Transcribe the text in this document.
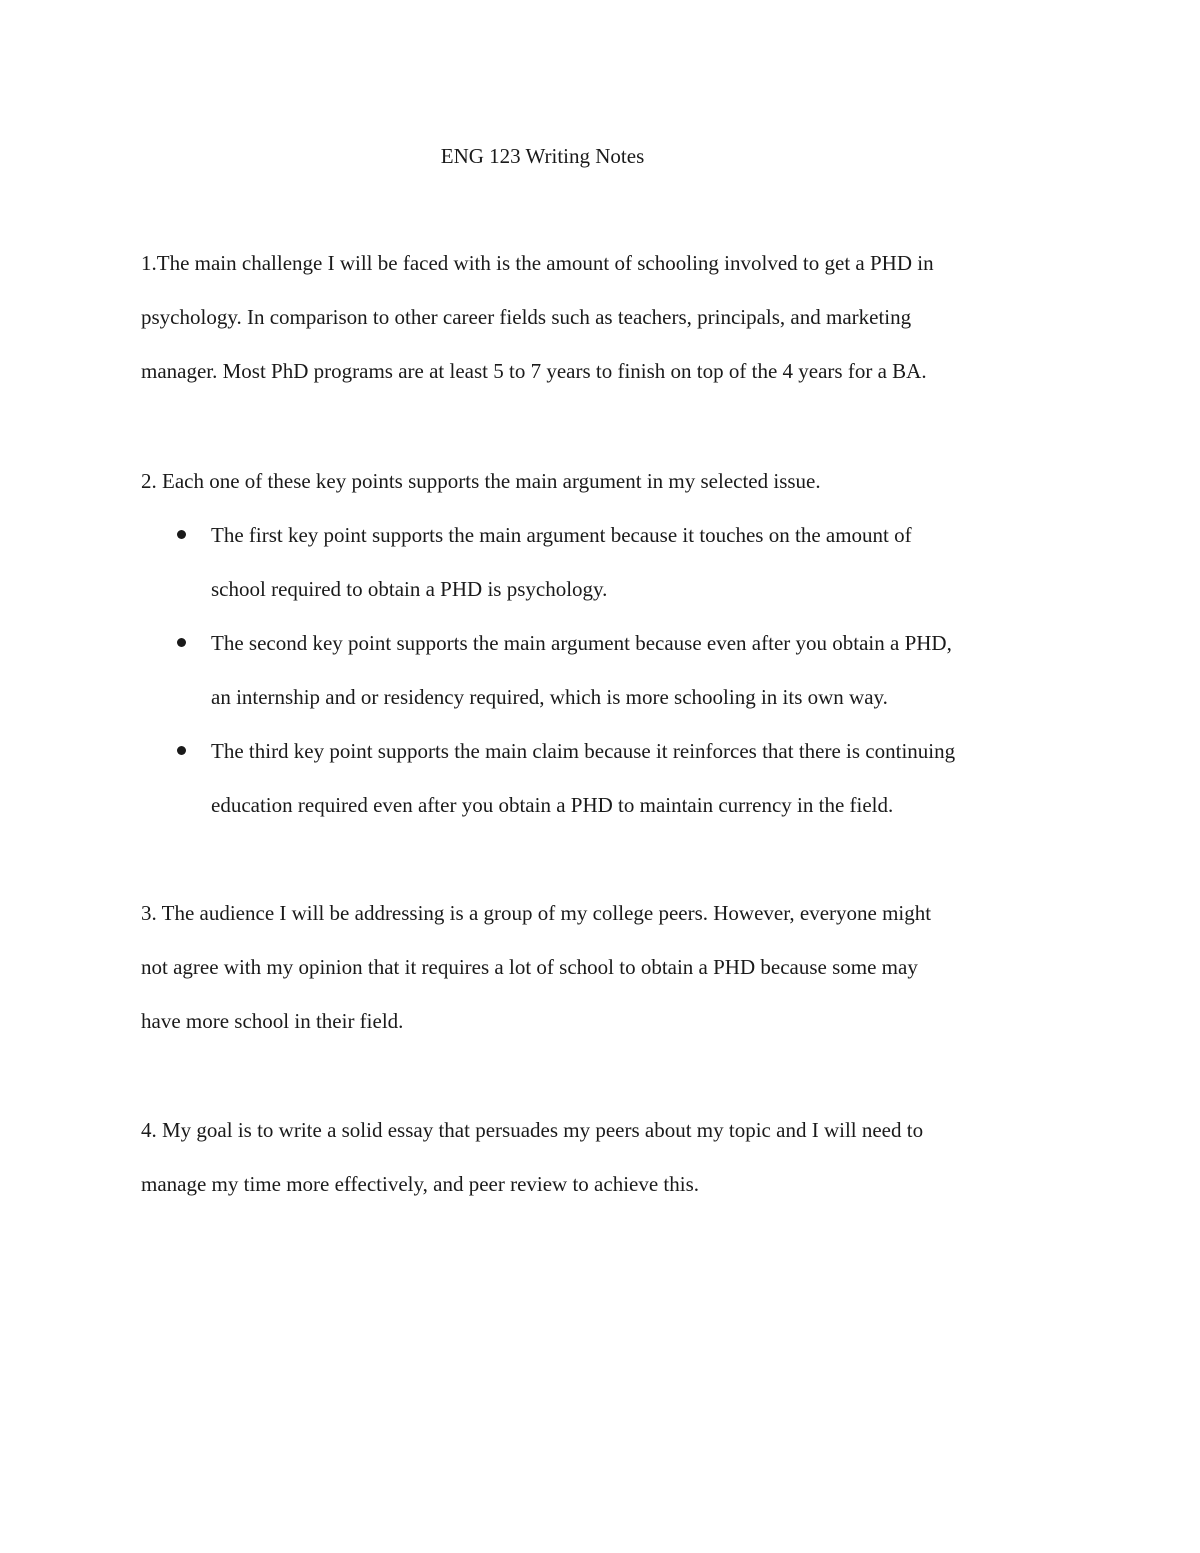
ENG 123 Writing Notes
1.The main challenge I will be faced with is the amount of schooling involved to get a PHD in
psychology. In comparison to other career fields such as teachers, principals, and marketing
manager. Most PhD programs are at least 5 to 7 years to finish on top of the 4 years for a BA.
2. Each one of these key points supports the main argument in my selected issue.
The first key point supports the main argument because it touches on the amount of
school required to obtain a PHD is psychology.
The second key point supports the main argument because even after you obtain a PHD,
an internship and or residency required, which is more schooling in its own way.
The third key point supports the main claim because it reinforces that there is continuing
education required even after you obtain a PHD to maintain currency in the field.
3. The audience I will be addressing is a group of my college peers. However, everyone might
not agree with my opinion that it requires a lot of school to obtain a PHD because some may
have more school in their field.
4. My goal is to write a solid essay that persuades my peers about my topic and I will need to
manage my time more effectively, and peer review to achieve this.
